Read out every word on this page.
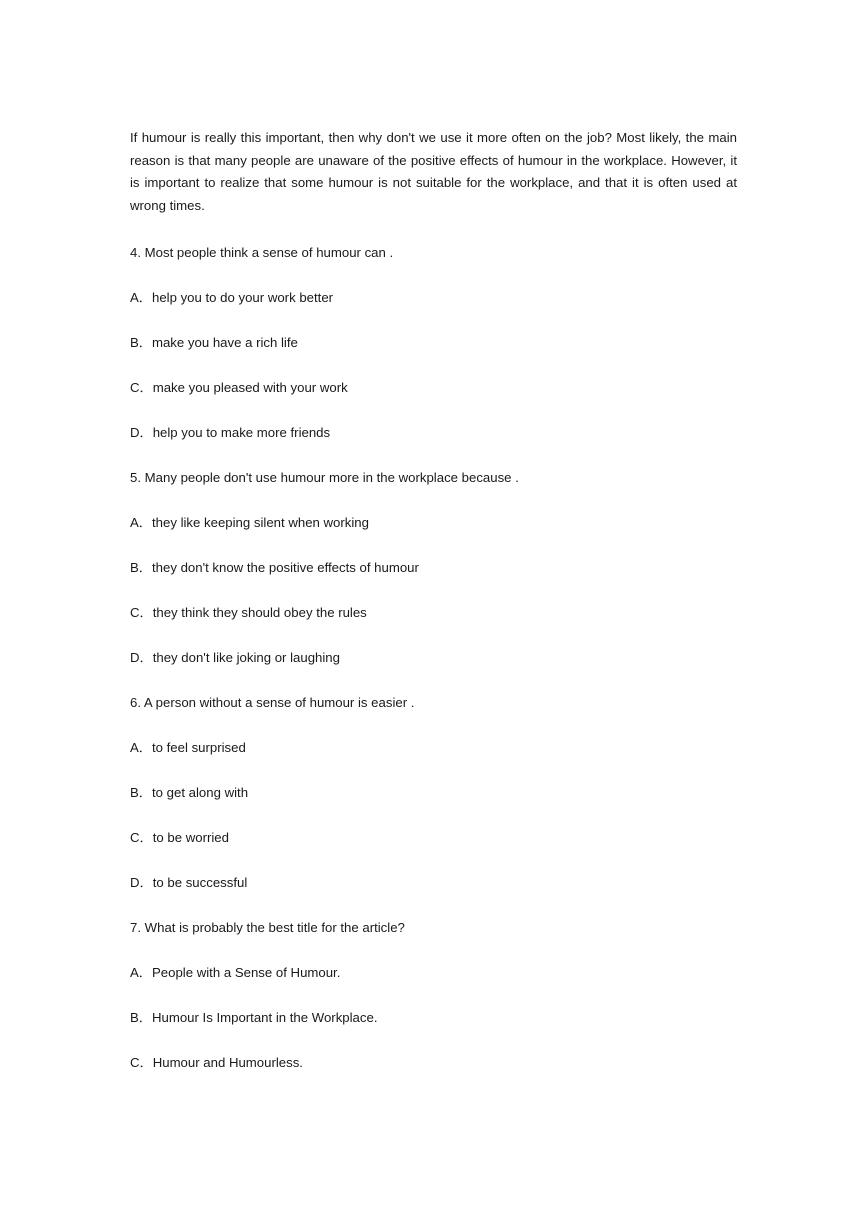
If humour is really this important, then why don't we use it more often on the job? Most likely, the main reason is that many people are unaware of the positive effects of humour in the workplace. However, it is important to realize that some humour is not suitable for the workplace, and that it is often used at wrong times.

4. Most people think a sense of humour can .

A．help you to do your work better

B．make you have a rich life

C．make you pleased with your work

D．help you to make more friends

5. Many people don't use humour more in the workplace because .

A．they like keeping silent when working

B．they don't know the positive effects of humour

C．they think they should obey the rules

D．they don't like joking or laughing

6. A person without a sense of humour is easier .

A．to feel surprised

B．to get along with

C．to be worried

D．to be successful

7. What is probably the best title for the article?

A．People with a Sense of Humour.

B．Humour Is Important in the Workplace.

C．Humour and Humourless.
